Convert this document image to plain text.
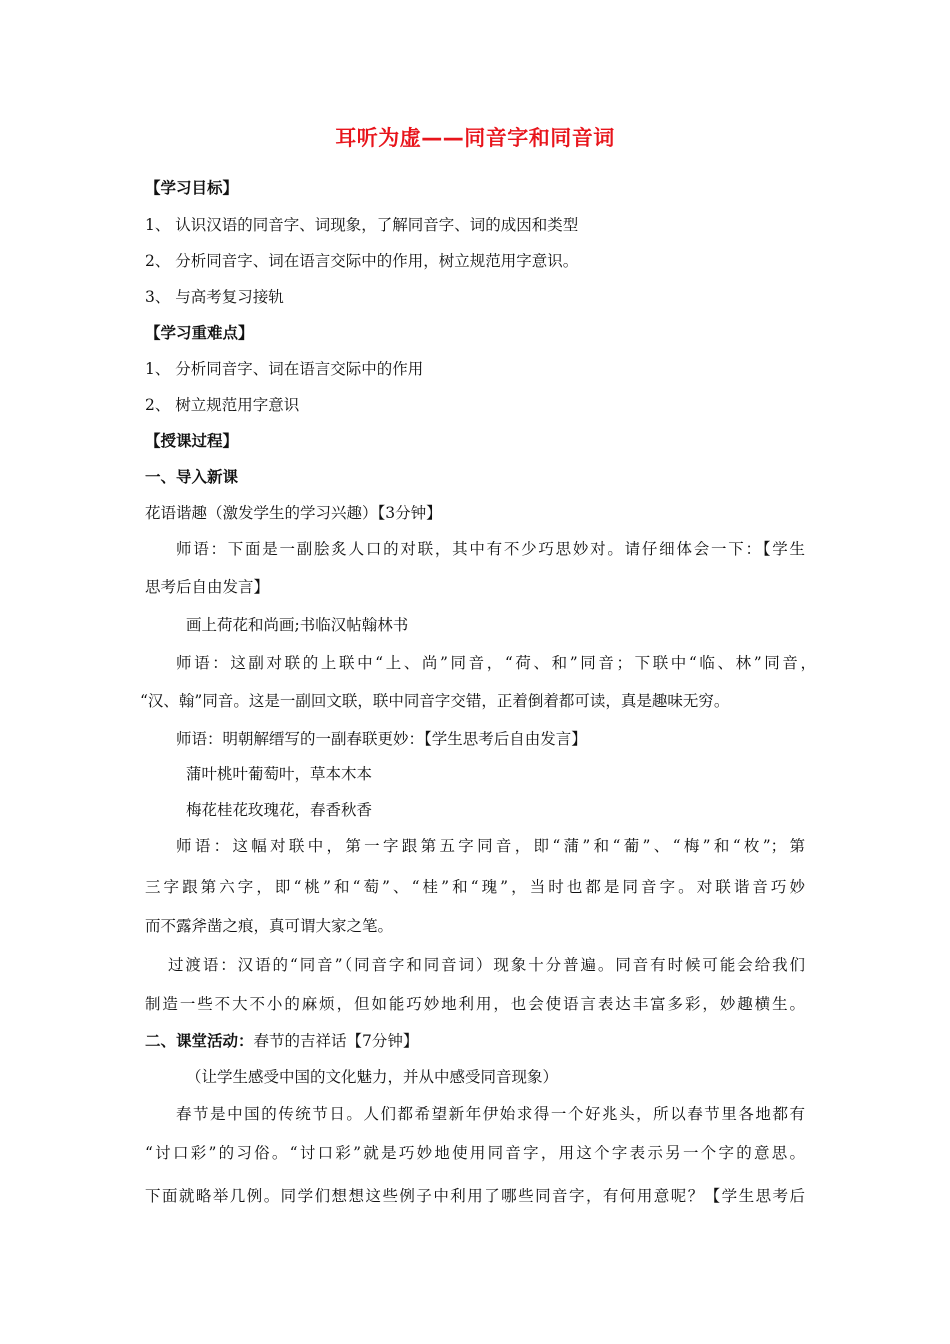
耳听为虚——同音字和同音词
【学习目标】
1、 认识汉语的同音字、词现象，了解同音字、词的成因和类型
2、 分析同音字、词在语言交际中的作用，树立规范用字意识。
3、 与高考复习接轨
【学习重难点】
1、 分析同音字、词在语言交际中的作用
2、 树立规范用字意识
【授课过程】
一、导入新课
花语谐趣（激发学生的学习兴趣）【3分钟】
师语：下面是一副脍炙人口的对联，其中有不少巧思妙对。请仔细体会一下：【学生
思考后自由发言】
画上荷花和尚画;书临汉帖翰林书
师语：这副对联的上联中“上、尚”同音，“荷、和”同音；下联中“临、林”同音，
“汉、翰”同音。这是一副回文联，联中同音字交错，正着倒着都可读，真是趣味无穷。
师语：明朝解缙写的一副春联更妙：【学生思考后自由发言】
蒲叶桃叶葡萄叶，草本木本
梅花桂花玫瑰花，春香秋香
师语：这幅对联中，第一字跟第五字同音，即“蒲”和“葡”、“梅”和“枚”；第
三字跟第六字，即“桃”和“萄”、“桂”和“瑰”，当时也都是同音字。对联谐音巧妙
而不露斧凿之痕，真可谓大家之笔。
过渡语：汉语的“同音”（同音字和同音词）现象十分普遍。同音有时候可能会给我们
制造一些不大不小的麻烦，但如能巧妙地利用，也会使语言表达丰富多彩，妙趣横生。
二、课堂活动：春节的吉祥话【7分钟】
（让学生感受中国的文化魅力，并从中感受同音现象）
春节是中国的传统节日。人们都希望新年伊始求得一个好兆头，所以春节里各地都有
“讨口彩”的习俗。“讨口彩”就是巧妙地使用同音字，用这个字表示另一个字的意思。
下面就略举几例。同学们想想这些例子中利用了哪些同音字，有何用意呢？【学生思考后
